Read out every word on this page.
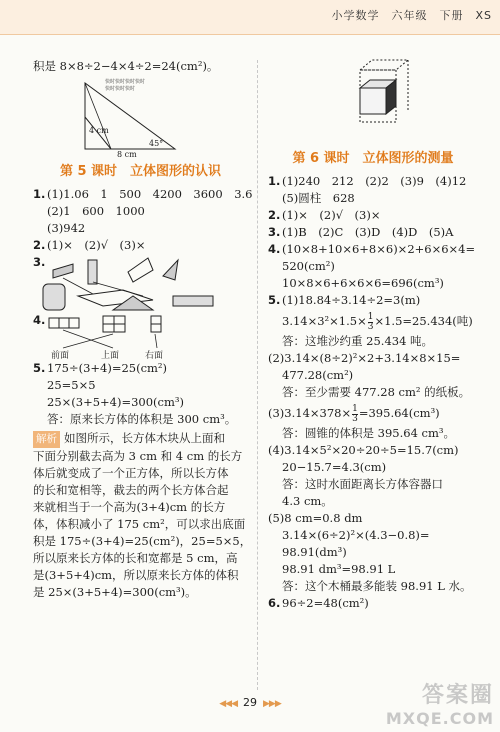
小学数学　六年级　下册　XS
积是 8×8÷2−4×4÷2=24(cm²)。
快时快时快时快时
快时快时快时
4 cm
45°
8 cm
第 5 课时　立体图形的认识
1. (1)1.06　1　500　4200　3600　3.6
(2)1　600　1000
(3)942
2. (1)×　(2)√　(3)×
3.
4.
前面	上面	右面
5. 175÷(3+4)=25(cm²)
25=5×5
25×(3+5+4)=300(cm³)
答：原来长方体的体积是 300 cm³。
解析 如图所示，长方体木块从上面和
下面分别截去高为 3 cm 和 4 cm 的长方
体后就变成了一个正方体，所以长方体
的长和宽相等，截去的两个长方体合起
来就相当于一个高为(3+4)cm 的长方
体，体积减小了 175 cm²，可以求出底面
积是 175÷(3+4)=25(cm²)，25=5×5，
所以原来长方体的长和宽都是 5 cm，高
是(3+5+4)cm，所以原来长方体的体积
是 25×(3+5+4)=300(cm³)。
第 6 课时　立体图形的测量
1. (1)240　212　(2)2　(3)9　(4)12
(5)圆柱　628
2. (1)×　(2)√　(3)×
3. (1)B　(2)C　(3)D　(4)D　(5)A
4. (10×8+10×6+8×6)×2+6×6×4=
520(cm²)
10×8×6+6×6×6=696(cm³)
5. (1)18.84÷3.14÷2=3(m)
$3.14\times 3^2\times 1.5\times \frac{1}{3} \times 1.5=25.434$(吨)
答：这堆沙约重 25.434 吨。
(2)3.14×(8÷2)²×2+3.14×8×15=
477.28(cm²)
答：至少需要 477.28 cm² 的纸板。
$(3)3.14\times 378\times \frac{1}{3} =395.64(cm^3)$
答：圆锥的体积是 395.64 cm³。
(4)3.14×5²×20÷20÷5=15.7(cm)
20−15.7=4.3(cm)
答：这时水面距离长方体容器口
4.3 cm。
(5)8 cm=0.8 dm
3.14×(6÷2)²×(4.3−0.8)=
98.91(dm³)
98.91 dm³=98.91 L
答：这个木桶最多能装 98.91 L 水。
6. 96÷2=48(cm²)
◀◀◀ 29 ▶▶▶	答案圈
MXQE.COM
